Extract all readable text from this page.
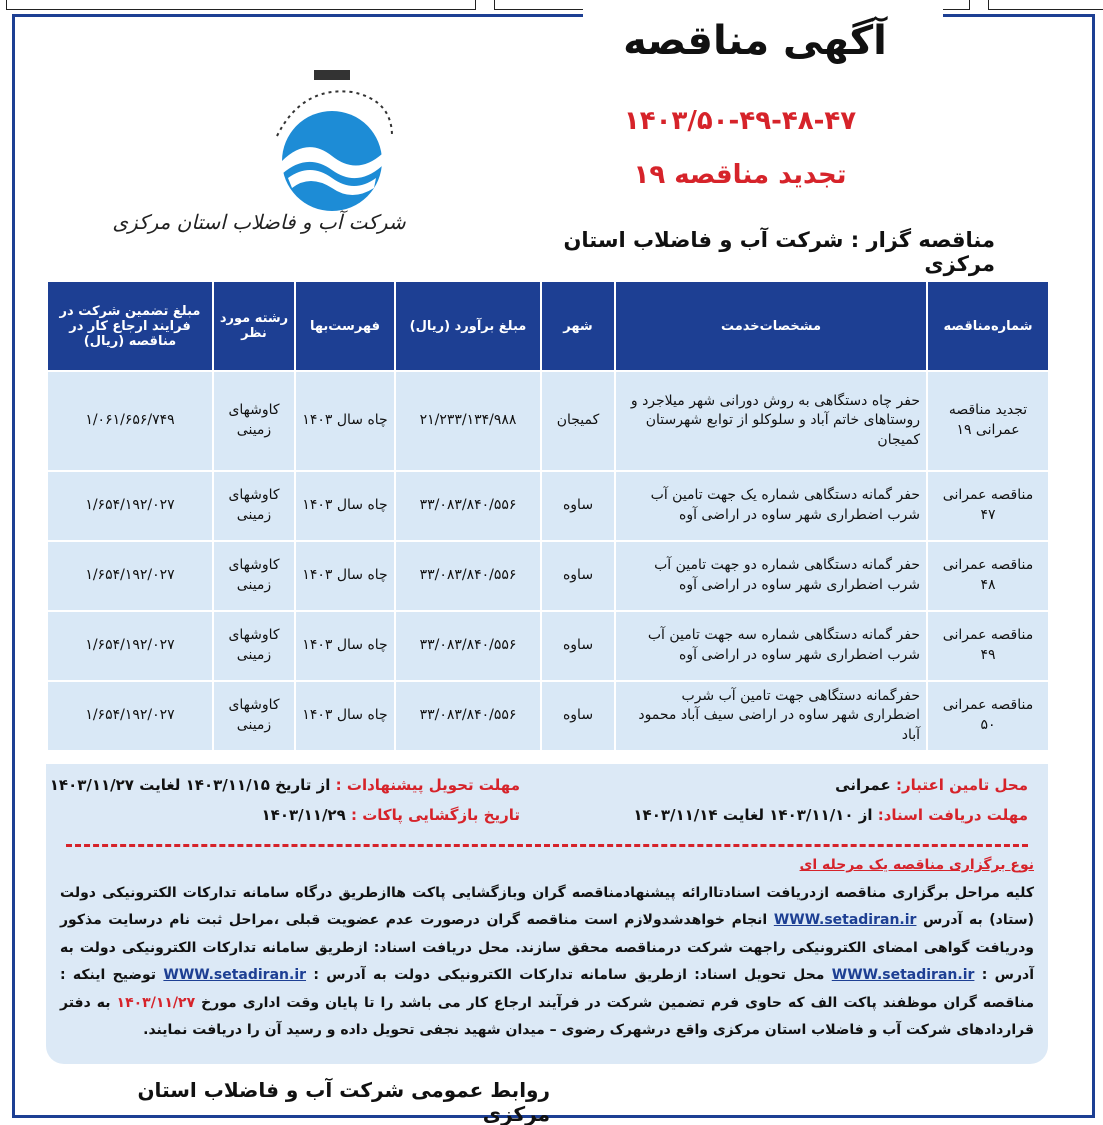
آگهی مناقصه
۱۴۰۳/۵۰-۴۹-۴۸-۴۷
تجدید مناقصه ۱۹
مناقصه گزار : شرکت آب و فاضلاب استان مرکزی
شرکت آب و فاضلاب استان مرکزی
شماره‌مناقصه	مشخصات‌خدمت	شهر	مبلغ برآورد (ریال)	فهرست‌بها	رشته مورد نظر	مبلغ تضمین شرکت در فرایند ارجاع کار در مناقصه (ریال)
تجدید مناقصه عمرانی ۱۹	حفر چاه دستگاهی به روش دورانی شهر میلاجرد و روستاهای خاتم آباد و سلوکلو از توابع شهرستان کمیجان	کمیجان	۲۱/۲۳۳/۱۳۴/۹۸۸	چاه سال ۱۴۰۳	کاوشهای زمینی	۱/۰۶۱/۶۵۶/۷۴۹
مناقصه عمرانی ۴۷	حفر گمانه دستگاهی شماره یک جهت تامین آب شرب اضطراری شهر ساوه در اراضی آوه	ساوه	۳۳/۰۸۳/۸۴۰/۵۵۶	چاه سال ۱۴۰۳	کاوشهای زمینی	۱/۶۵۴/۱۹۲/۰۲۷
مناقصه عمرانی ۴۸	حفر گمانه دستگاهی شماره دو جهت تامین آب شرب اضطراری شهر ساوه در اراضی آوه	ساوه	۳۳/۰۸۳/۸۴۰/۵۵۶	چاه سال ۱۴۰۳	کاوشهای زمینی	۱/۶۵۴/۱۹۲/۰۲۷
مناقصه عمرانی ۴۹	حفر گمانه دستگاهی شماره سه جهت تامین آب شرب اضطراری شهر ساوه در اراضی آوه	ساوه	۳۳/۰۸۳/۸۴۰/۵۵۶	چاه سال ۱۴۰۳	کاوشهای زمینی	۱/۶۵۴/۱۹۲/۰۲۷
مناقصه عمرانی ۵۰	حفرگمانه دستگاهی جهت تامین آب شرب اضطراری شهر ساوه در اراضی سیف آباد محمود آباد	ساوه	۳۳/۰۸۳/۸۴۰/۵۵۶	چاه سال ۱۴۰۳	کاوشهای زمینی	۱/۶۵۴/۱۹۲/۰۲۷
محل تامین اعتبار: عمرانی
مهلت دریافت اسناد: از ۱۴۰۳/۱۱/۱۰ لغایت ۱۴۰۳/۱۱/۱۴
مهلت تحویل پیشنهادات : از تاریخ ۱۴۰۳/۱۱/۱۵ لغایت ۱۴۰۳/۱۱/۲۷
تاریخ بازگشایی پاکات : ۱۴۰۳/۱۱/۲۹
نوع برگزاری مناقصه یک مرحله ای
کلیه مراحل برگزاری مناقصه ازدریافت اسنادتاارائه پیشنهادمناقصه گران وبازگشایی پاکت هاازطریق درگاه سامانه تدارکات الکترونیکی دولت (ستاد) به آدرس WWW.setadiran.ir انجام خواهدشدولازم است مناقصه گران درصورت عدم عضویت قبلی ،مراحل ثبت نام درسایت مذکور ودریافت گواهی امضای الکترونیکی راجهت شرکت درمناقصه محقق سازند. محل دریافت اسناد: ازطریق سامانه تدارکات الکترونیکی دولت به آدرس : WWW.setadiran.ir محل تحویل اسناد: ازطریق سامانه تدارکات الکترونیکی دولت به آدرس : WWW.setadiran.ir توضیح اینکه : مناقصه گران موظفند پاکت الف که حاوی فرم تضمین شرکت در فرآیند ارجاع کار می باشد را تا پایان وقت اداری مورخ ۱۴۰۳/۱۱/۲۷ به دفتر قراردادهای شرکت آب و فاضلاب استان مرکزی واقع درشهرک رضوی – میدان شهید نجفی تحویل داده و رسید آن را دریافت نمایند.
روابط عمومی شرکت آب و فاضلاب استان مرکزی
